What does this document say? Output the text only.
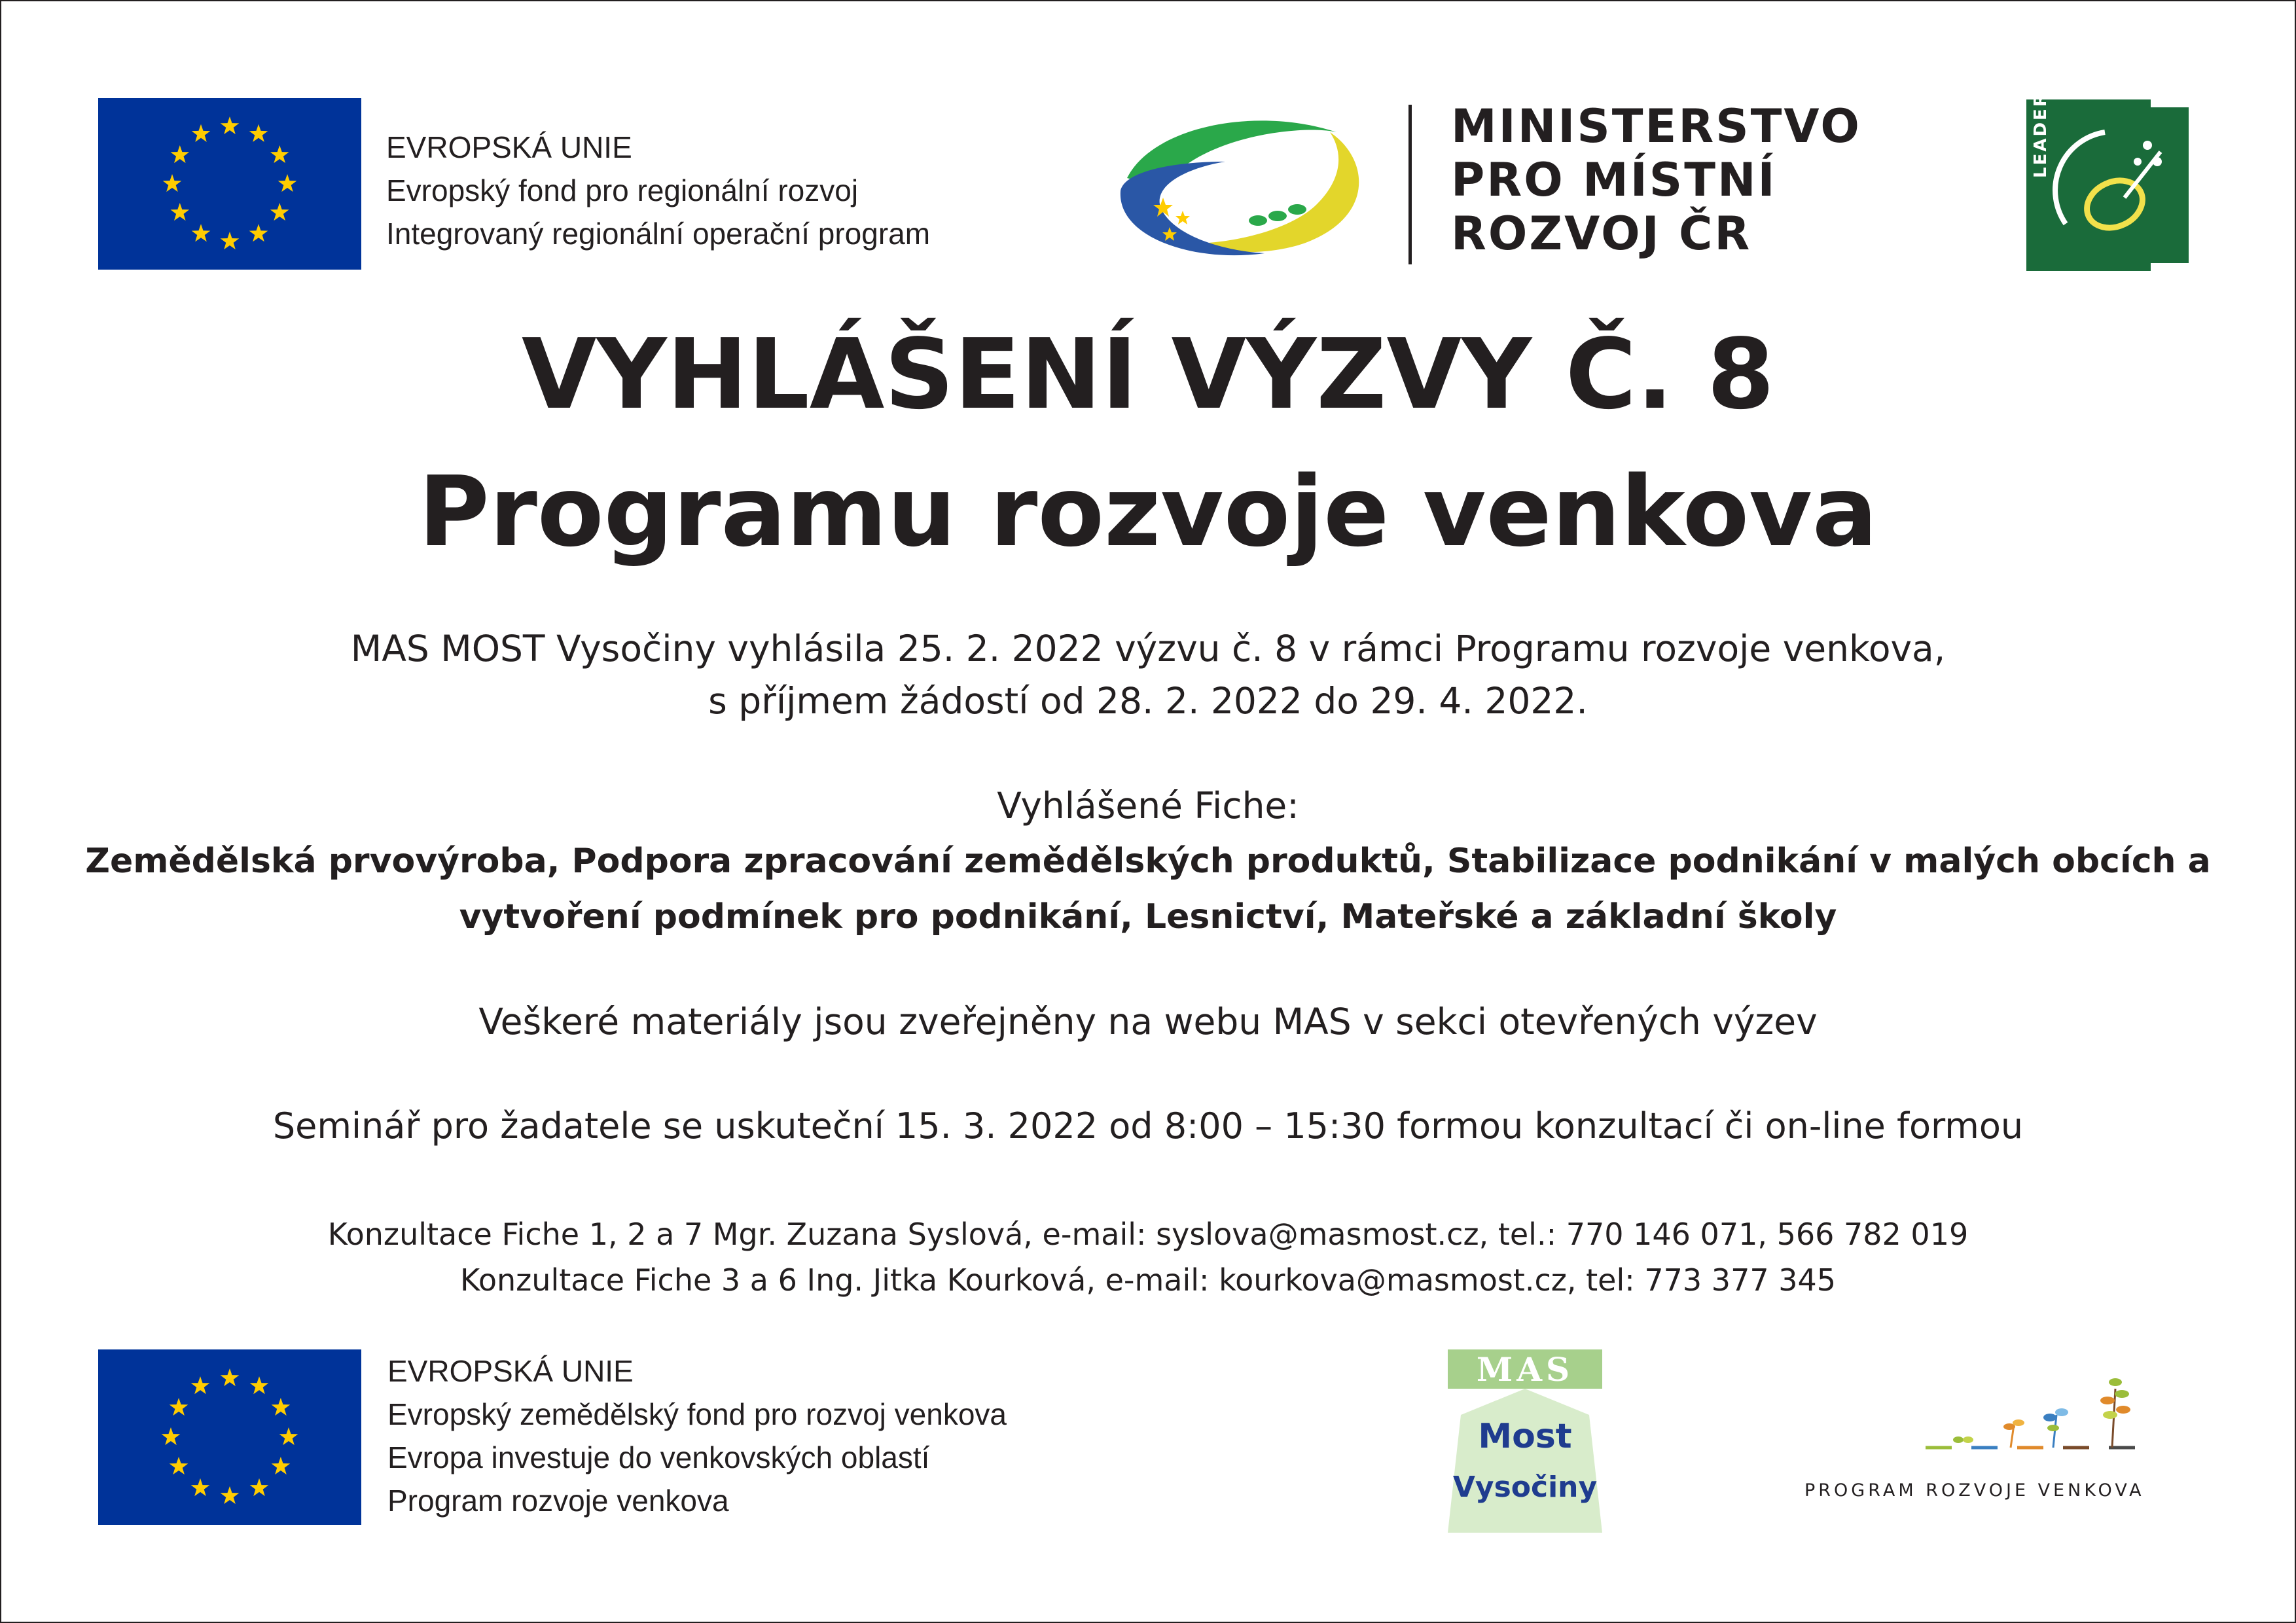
EVROPSKÁ UNIE
Evropský fond pro regionální rozvoj
Integrovaný regionální operační program
MINISTERSTVO
PRO MÍSTNÍ
ROZVOJ ČR
LEADER
VYHLÁŠENÍ VÝZVY Č. 8
Programu rozvoje venkova
MAS MOST Vysočiny vyhlásila 25. 2. 2022 výzvu č. 8 v rámci Programu rozvoje venkova,
s příjmem žádostí od 28. 2. 2022 do 29. 4. 2022.
Vyhlášené Fiche:
Zemědělská prvovýroba, Podpora zpracování zemědělských produktů, Stabilizace podnikání v malých obcích a
vytvoření podmínek pro podnikání, Lesnictví, Mateřské a základní školy
Veškeré materiály jsou zveřejněny na webu MAS v sekci otevřených výzev
Seminář pro žadatele se uskuteční 15. 3. 2022 od 8:00 – 15:30 formou konzultací či on-line formou
Konzultace Fiche 1, 2 a 7 Mgr. Zuzana Syslová, e-mail: syslova@masmost.cz, tel.: 770 146 071, 566 782 019
Konzultace Fiche 3 a 6 Ing. Jitka Kourková, e-mail: kourkova@masmost.cz, tel: 773 377 345
EVROPSKÁ UNIE
Evropský zemědělský fond pro rozvoj venkova
Evropa investuje do venkovských oblastí
Program rozvoje venkova
MAS
Most
Vysočiny	PROGRAM ROZVOJE VENKOVA
